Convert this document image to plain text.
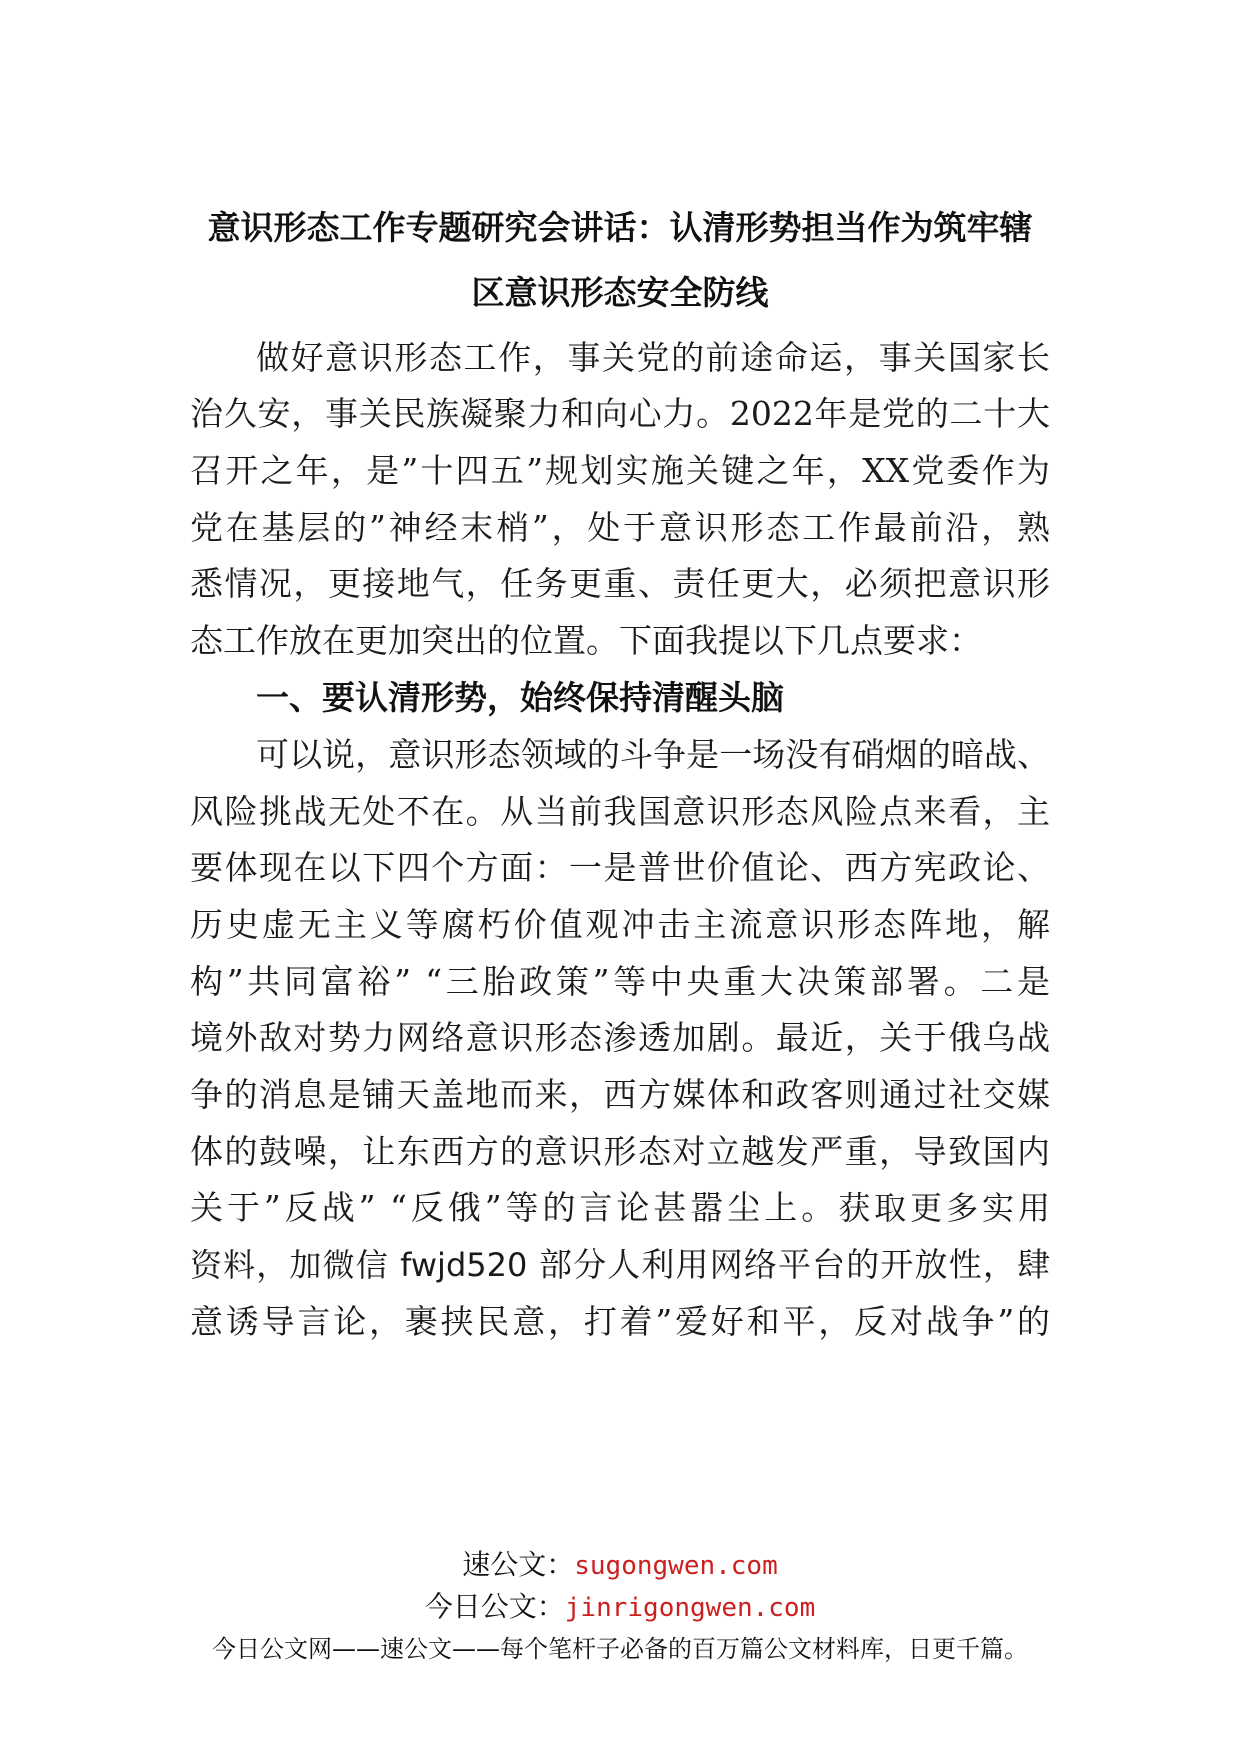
意识形态工作专题研究会讲话：认清形势担当作为筑牢辖
区意识形态安全防线
做好意识形态工作，事关党的前途命运，事关国家长
治久安，事关民族凝聚力和向心力。2022年是党的二十大
召开之年，是”十四五”规划实施关键之年，XX党委作为
党在基层的”神经末梢”，处于意识形态工作最前沿，熟
悉情况，更接地气，任务更重、责任更大，必须把意识形
态工作放在更加突出的位置。下面我提以下几点要求：
一、要认清形势，始终保持清醒头脑
可以说，意识形态领域的斗争是一场没有硝烟的暗战、
风险挑战无处不在。从当前我国意识形态风险点来看，主
要体现在以下四个方面：一是普世价值论、西方宪政论、
历史虚无主义等腐朽价值观冲击主流意识形态阵地，解
构”共同富裕” “三胎政策”等中央重大决策部署。二是
境外敌对势力网络意识形态渗透加剧。最近，关于俄乌战
争的消息是铺天盖地而来，西方媒体和政客则通过社交媒
体的鼓噪，让东西方的意识形态对立越发严重，导致国内
关于”反战” “反俄”等的言论甚嚣尘上。获取更多实用
资料，加微信 fwjd520 部分人利用网络平台的开放性，肆
意诱导言论，裹挟民意，打着”爱好和平，反对战争”的
速公文：sugongwen.com
今日公文：jinrigongwen.com
今日公文网——速公文——每个笔杆子必备的百万篇公文材料库，日更千篇。
